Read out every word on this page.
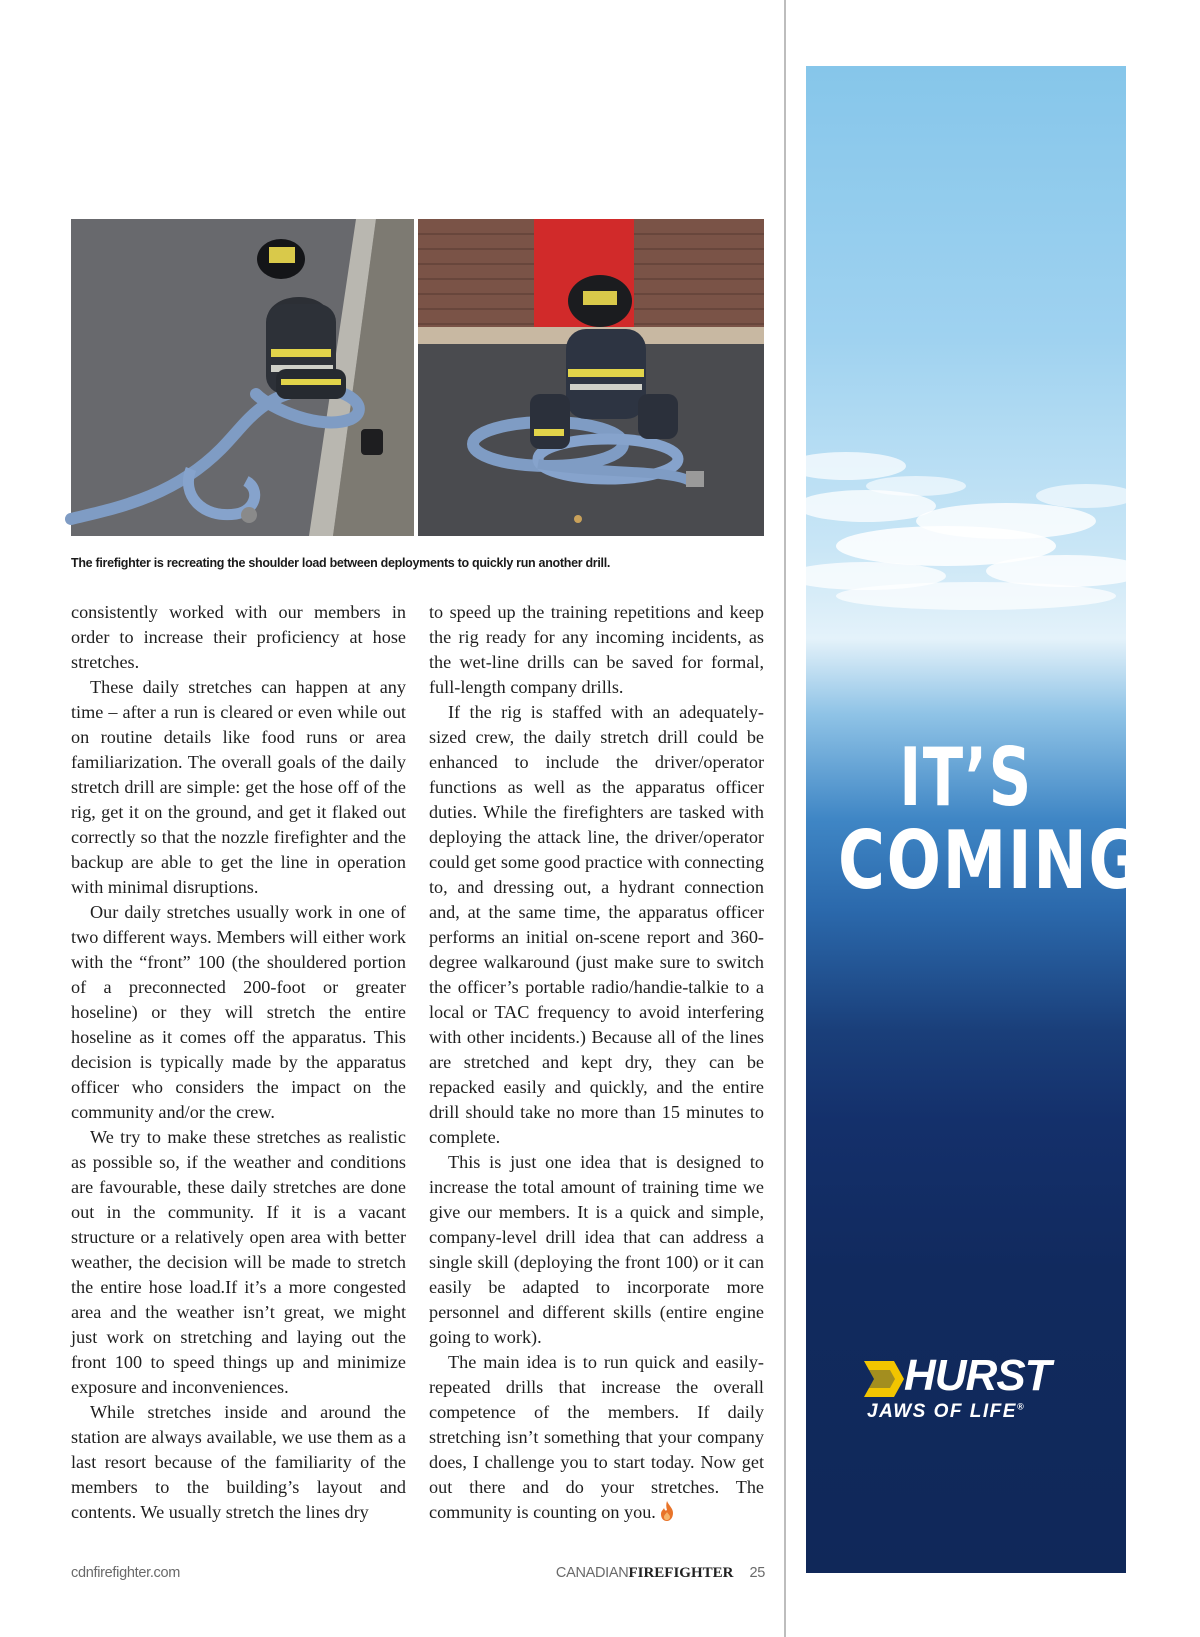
The firefighter is recreating the shoulder load between deployments to quickly run another drill.

consistently worked with our members in order to increase their proficiency at hose stretches.

These daily stretches can happen at any time – after a run is cleared or even while out on routine details like food runs or area familiarization. The overall goals of the daily stretch drill are simple: get the hose off of the rig, get it on the ground, and get it flaked out correctly so that the nozzle firefighter and the backup are able to get the line in operation with minimal disruptions.

Our daily stretches usually work in one of two different ways. Members will either work with the “front” 100 (the shouldered portion of a preconnected 200-foot or greater hoseline) or they will stretch the entire hoseline as it comes off the apparatus. This decision is typically made by the apparatus officer who considers the impact on the community and/or the crew.

We try to make these stretches as realistic as possible so, if the weather and conditions are favourable, these daily stretches are done out in the community. If it is a vacant structure or a relatively open area with better weather, the decision will be made to stretch the entire hose load.If it’s a more congested area and the weather isn’t great, we might just work on stretching and laying out the front 100 to speed things up and minimize exposure and inconveniences.

While stretches inside and around the station are always available, we use them as a last resort because of the familiarity of the members to the building’s layout and contents. We usually stretch the lines dry

to speed up the training repetitions and keep the rig ready for any incoming incidents, as the wet-line drills can be saved for formal, full-length company drills.

If the rig is staffed with an adequately-sized crew, the daily stretch drill could be enhanced to include the driver/operator functions as well as the apparatus officer duties. While the firefighters are tasked with deploying the attack line, the driver/operator could get some good practice with connecting to, and dressing out, a hydrant connection and, at the same time, the apparatus officer performs an initial on-scene report and 360-degree walkaround (just make sure to switch the officer’s portable radio/handie-talkie to a local or TAC frequency to avoid interfering with other incidents.) Because all of the lines are stretched and kept dry, they can be repacked easily and quickly, and the entire drill should take no more than 15 minutes to complete.

This is just one idea that is designed to increase the total amount of training time we give our members. It is a quick and simple, company-level drill idea that can address a single skill (deploying the front 100) or it can easily be adapted to incorporate more personnel and different skills (entire engine going to work).

The main idea is to run quick and easily-repeated drills that increase the overall competence of the members. If daily stretching isn’t something that your company does, I challenge you to start today. Now get out there and do your stretches. The community is counting on you.

cdnfirefighter.com	CANADIANFIREFIGHTER 25
IT’S
COMING.
HURST
JAWS OF LIFE®
